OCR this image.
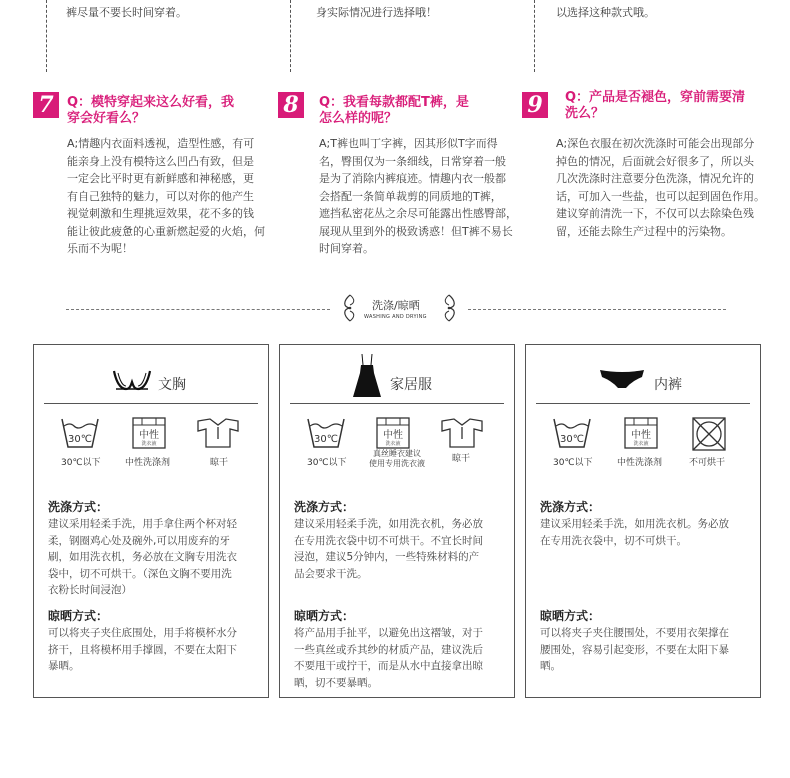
裤尽量不要长时间穿着。	身实际情况进行选择哦！	以选择这种款式哦。
7	Q：模特穿起来这么好看，我
穿会好看么？
A;情趣内衣面料透视，造型性感，有可
能亲身上没有模特这么凹凸有致，但是
一定会比平时更有新鲜感和神秘感，更
有自己独特的魅力，可以对你的他产生
视觉刺激和生理挑逗效果，花不多的钱
能让彼此疲惫的心重新燃起爱的火焰，何
乐而不为呢！
8	Q：我看每款都配T裤，是
怎么样的呢？
A;T裤也叫丁字裤，因其形似T字而得
名，臀围仅为一条细线，日常穿着一般
是为了消除内裤痕迹。情趣内衣一般都
会搭配一条简单裁剪的同质地的T裤，
遮挡私密花丛之余尽可能露出性感臀部，
展现从里到外的极致诱惑！但T裤不易长
时间穿着。
9	Q：产品是否褪色，穿前需要清
洗么？
A;深色衣服在初次洗涤时可能会出现部分
掉色的情况，后面就会好很多了，所以头
几次洗涤时注意要分色洗涤，情况允许的
话，可加入一些盐，也可以起到固色作用。
建议穿前清洗一下，不仅可以去除染色残
留，还能去除生产过程中的污染物。
洗涤/晾晒
WASHING AND DRYING
文胸
30℃
30℃以下
中性
洗衣液
中性洗涤剂	晾干
洗涤方式：
建议采用轻柔手洗，用手拿住两个杯对轻
柔，钢圈鸡心处及碗外,可以用废弃的牙
刷，如用洗衣机，务必放在文胸专用洗衣
袋中，切不可烘干。（深色文胸不要用洗
衣粉长时间浸泡）
晾晒方式：
可以将夹子夹住底围处，用手将模杯水分
挤干，且将模杯用手撑圆，不要在太阳下
暴晒。
家居服
30℃
30℃以下
中性
洗衣液
真丝睡衣建议
使用专用洗衣液	晾干
洗涤方式：
建议采用轻柔手洗，如用洗衣机，务必放
在专用洗衣袋中切不可烘干。不宜长时间
浸泡，建议5分钟内，一些特殊材料的产
品会要求干洗。
晾晒方式：
将产品用手扯平，以避免出这褶皱，对于
一些真丝或乔其纱的材质产品，建议洗后
不要甩干或拧干，而是从水中直接拿出晾
晒，切不要暴晒。
内裤
30℃
30℃以下
中性
洗衣液
中性洗涤剂	不可烘干
洗涤方式：
建议采用轻柔手洗，如用洗衣机。务必放
在专用洗衣袋中，切不可烘干。
晾晒方式：
可以将夹子夹住腰围处，不要用衣架撑在
腰围处，容易引起变形，不要在太阳下暴
晒。
